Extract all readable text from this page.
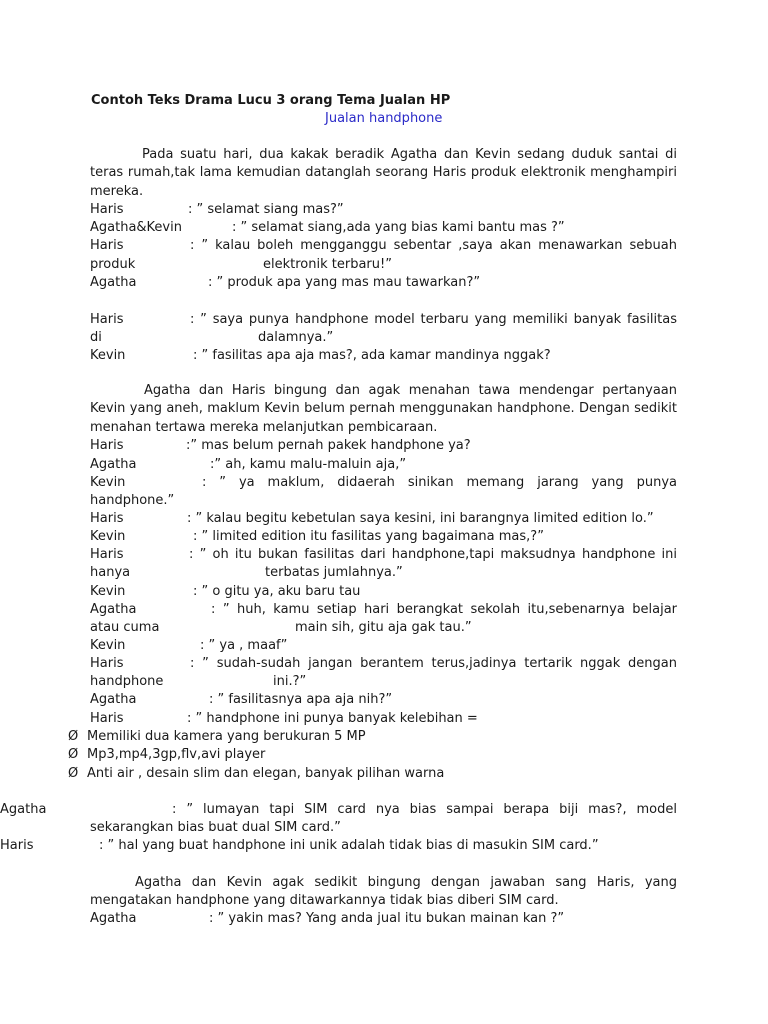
Contoh Teks Drama Lucu 3 orang Tema Jualan HP
Jualan handphone
Pada suatu hari, dua kakak beradik Agatha dan Kevin sedang duduk santai di teras rumah,tak lama kemudian datanglah seorang Haris produk elektronik menghampiri mereka.
Haris	: ” selamat siang mas?”
Agatha&Kevin	: ” selamat siang,ada yang bias kami bantu mas ?”
Haris	: ” kalau boleh mengganggu sebentar ,saya akan menawarkan sebuah
produk	elektronik terbaru!”
Agatha	: ” produk apa yang mas mau tawarkan?”
Haris	: ” saya punya handphone model terbaru yang memiliki banyak fasilitas
di	dalamnya.”
Kevin	: ” fasilitas apa aja mas?, ada kamar mandinya nggak?
Agatha dan Haris bingung dan agak menahan tawa mendengar pertanyaan Kevin yang aneh, maklum Kevin belum pernah menggunakan handphone. Dengan sedikit menahan tertawa mereka melanjutkan pembicaraan.
Haris	:” mas belum pernah pakek handphone ya?
Agatha	:” ah, kamu malu-maluin aja,”
Kevin	: ” ya maklum, didaerah sinikan memang jarang yang punya
handphone.”
Haris	: ” kalau begitu kebetulan saya kesini, ini barangnya limited edition lo.”
Kevin	: ” limited edition itu fasilitas yang bagaimana mas,?”
Haris	: ” oh itu bukan fasilitas dari handphone,tapi maksudnya handphone ini
hanya	terbatas jumlahnya.”
Kevin	: ” o gitu ya, aku baru tau
Agatha	: ” huh, kamu setiap hari berangkat sekolah itu,sebenarnya belajar
atau cuma	main sih, gitu aja gak tau.”
Kevin	: ” ya , maaf”
Haris	: ” sudah-sudah jangan berantem terus,jadinya tertarik nggak dengan
handphone	ini.?”
Agatha	: ” fasilitasnya apa aja nih?”
Haris	: ” handphone ini punya banyak kelebihan =
Ø Memiliki dua kamera yang berukuran 5 MP
Ø Mp3,mp4,3gp,flv,avi player
Ø Anti air , desain slim dan elegan, banyak pilihan warna
Agatha	: ” lumayan tapi SIM card nya bias sampai berapa biji mas?, model
sekarangkan bias buat dual SIM card.”
Haris	: ” hal yang buat handphone ini unik adalah tidak bias di masukin SIM card.”
Agatha dan Kevin agak sedikit bingung dengan jawaban sang Haris, yang mengatakan handphone yang ditawarkannya tidak bias diberi SIM card.
Agatha	: ” yakin mas? Yang anda jual itu bukan mainan kan ?”
